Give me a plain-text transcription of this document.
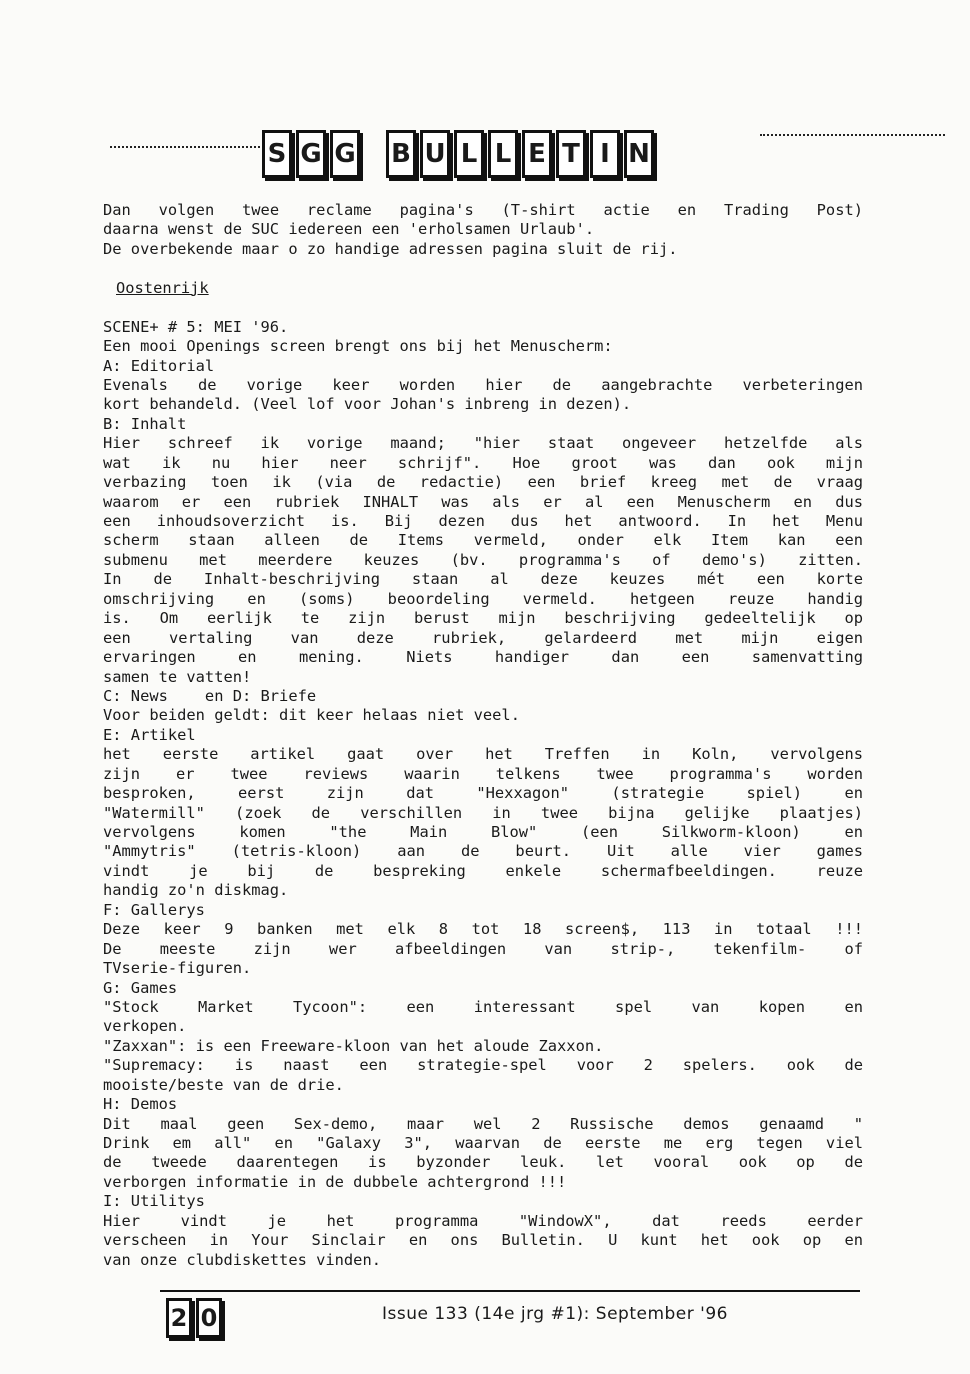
S G G B U L L E T I N
Dan volgen twee reclame pagina's (T-shirt actie en Trading Post)
daarna wenst de SUC iedereen een 'erholsamen Urlaub'.
De overbekende maar o zo handige adressen pagina sluit de rij.
Oostenrijk
SCENE+ # 5: MEI '96.
Een mooi Openings screen brengt ons bij het Menuscherm:
A: Editorial
Evenals de vorige keer worden hier de aangebrachte verbeteringen
kort behandeld. (Veel lof voor Johan's inbreng in dezen).
B: Inhalt
Hier schreef ik vorige maand; "hier staat ongeveer hetzelfde als
wat ik nu hier neer schrijf". Hoe groot was dan ook mijn
verbazing toen ik (via de redactie) een brief kreeg met de vraag
waarom er een rubriek INHALT was als er al een Menuscherm en dus
een inhoudsoverzicht is. Bij dezen dus het antwoord. In het Menu
scherm staan alleen de Items vermeld, onder elk Item kan een
submenu met meerdere keuzes (bv. programma's of demo's) zitten.
In de Inhalt-beschrijving staan al deze keuzes mét een korte
omschrijving en (soms) beoordeling vermeld. hetgeen reuze handig
is. Om eerlijk te zijn berust mijn beschrijving gedeeltelijk op
een vertaling van deze rubriek, gelardeerd met mijn eigen
ervaringen en mening. Niets handiger dan een samenvatting
samen te vatten!
C: News    en D: Briefe
Voor beiden geldt: dit keer helaas niet veel.
E: Artikel
het eerste artikel gaat over het Treffen in Koln, vervolgens
zijn er twee reviews waarin telkens twee programma's worden
besproken, eerst zijn dat "Hexxagon" (strategie spiel) en
"Watermill" (zoek de verschillen in twee bijna gelijke plaatjes)
vervolgens komen "the Main Blow" (een Silkworm-kloon) en
"Ammytris" (tetris-kloon) aan de beurt. Uit alle vier games
vindt je bij de bespreking enkele schermafbeeldingen. reuze
handig zo'n diskmag.
F: Gallerys
Deze keer 9 banken met elk 8 tot 18 screen$, 113 in totaal !!!
De meeste zijn wer afbeeldingen van strip-, tekenfilm- of
TVserie-figuren.
G: Games
"Stock Market Tycoon": een interessant spel van kopen en
verkopen.
"Zaxxan": is een Freeware-kloon van het aloude Zaxxon.
"Supremacy: is naast een strategie-spel voor 2 spelers. ook de
mooiste/beste van de drie.
H: Demos
Dit maal geen Sex-demo, maar wel 2 Russische demos genaamd "
Drink em all" en "Galaxy 3", waarvan de eerste me erg tegen viel
de tweede daarentegen is byzonder leuk. let vooral ook op de
verborgen informatie in de dubbele achtergrond !!!
I: Utilitys
Hier vindt je het programma "WindowX", dat reeds eerder
verscheen in Your Sinclair en ons Bulletin. U kunt het ook op en
van onze clubdiskettes vinden.
2 0	Issue 133 (14e jrg #1): September '96
